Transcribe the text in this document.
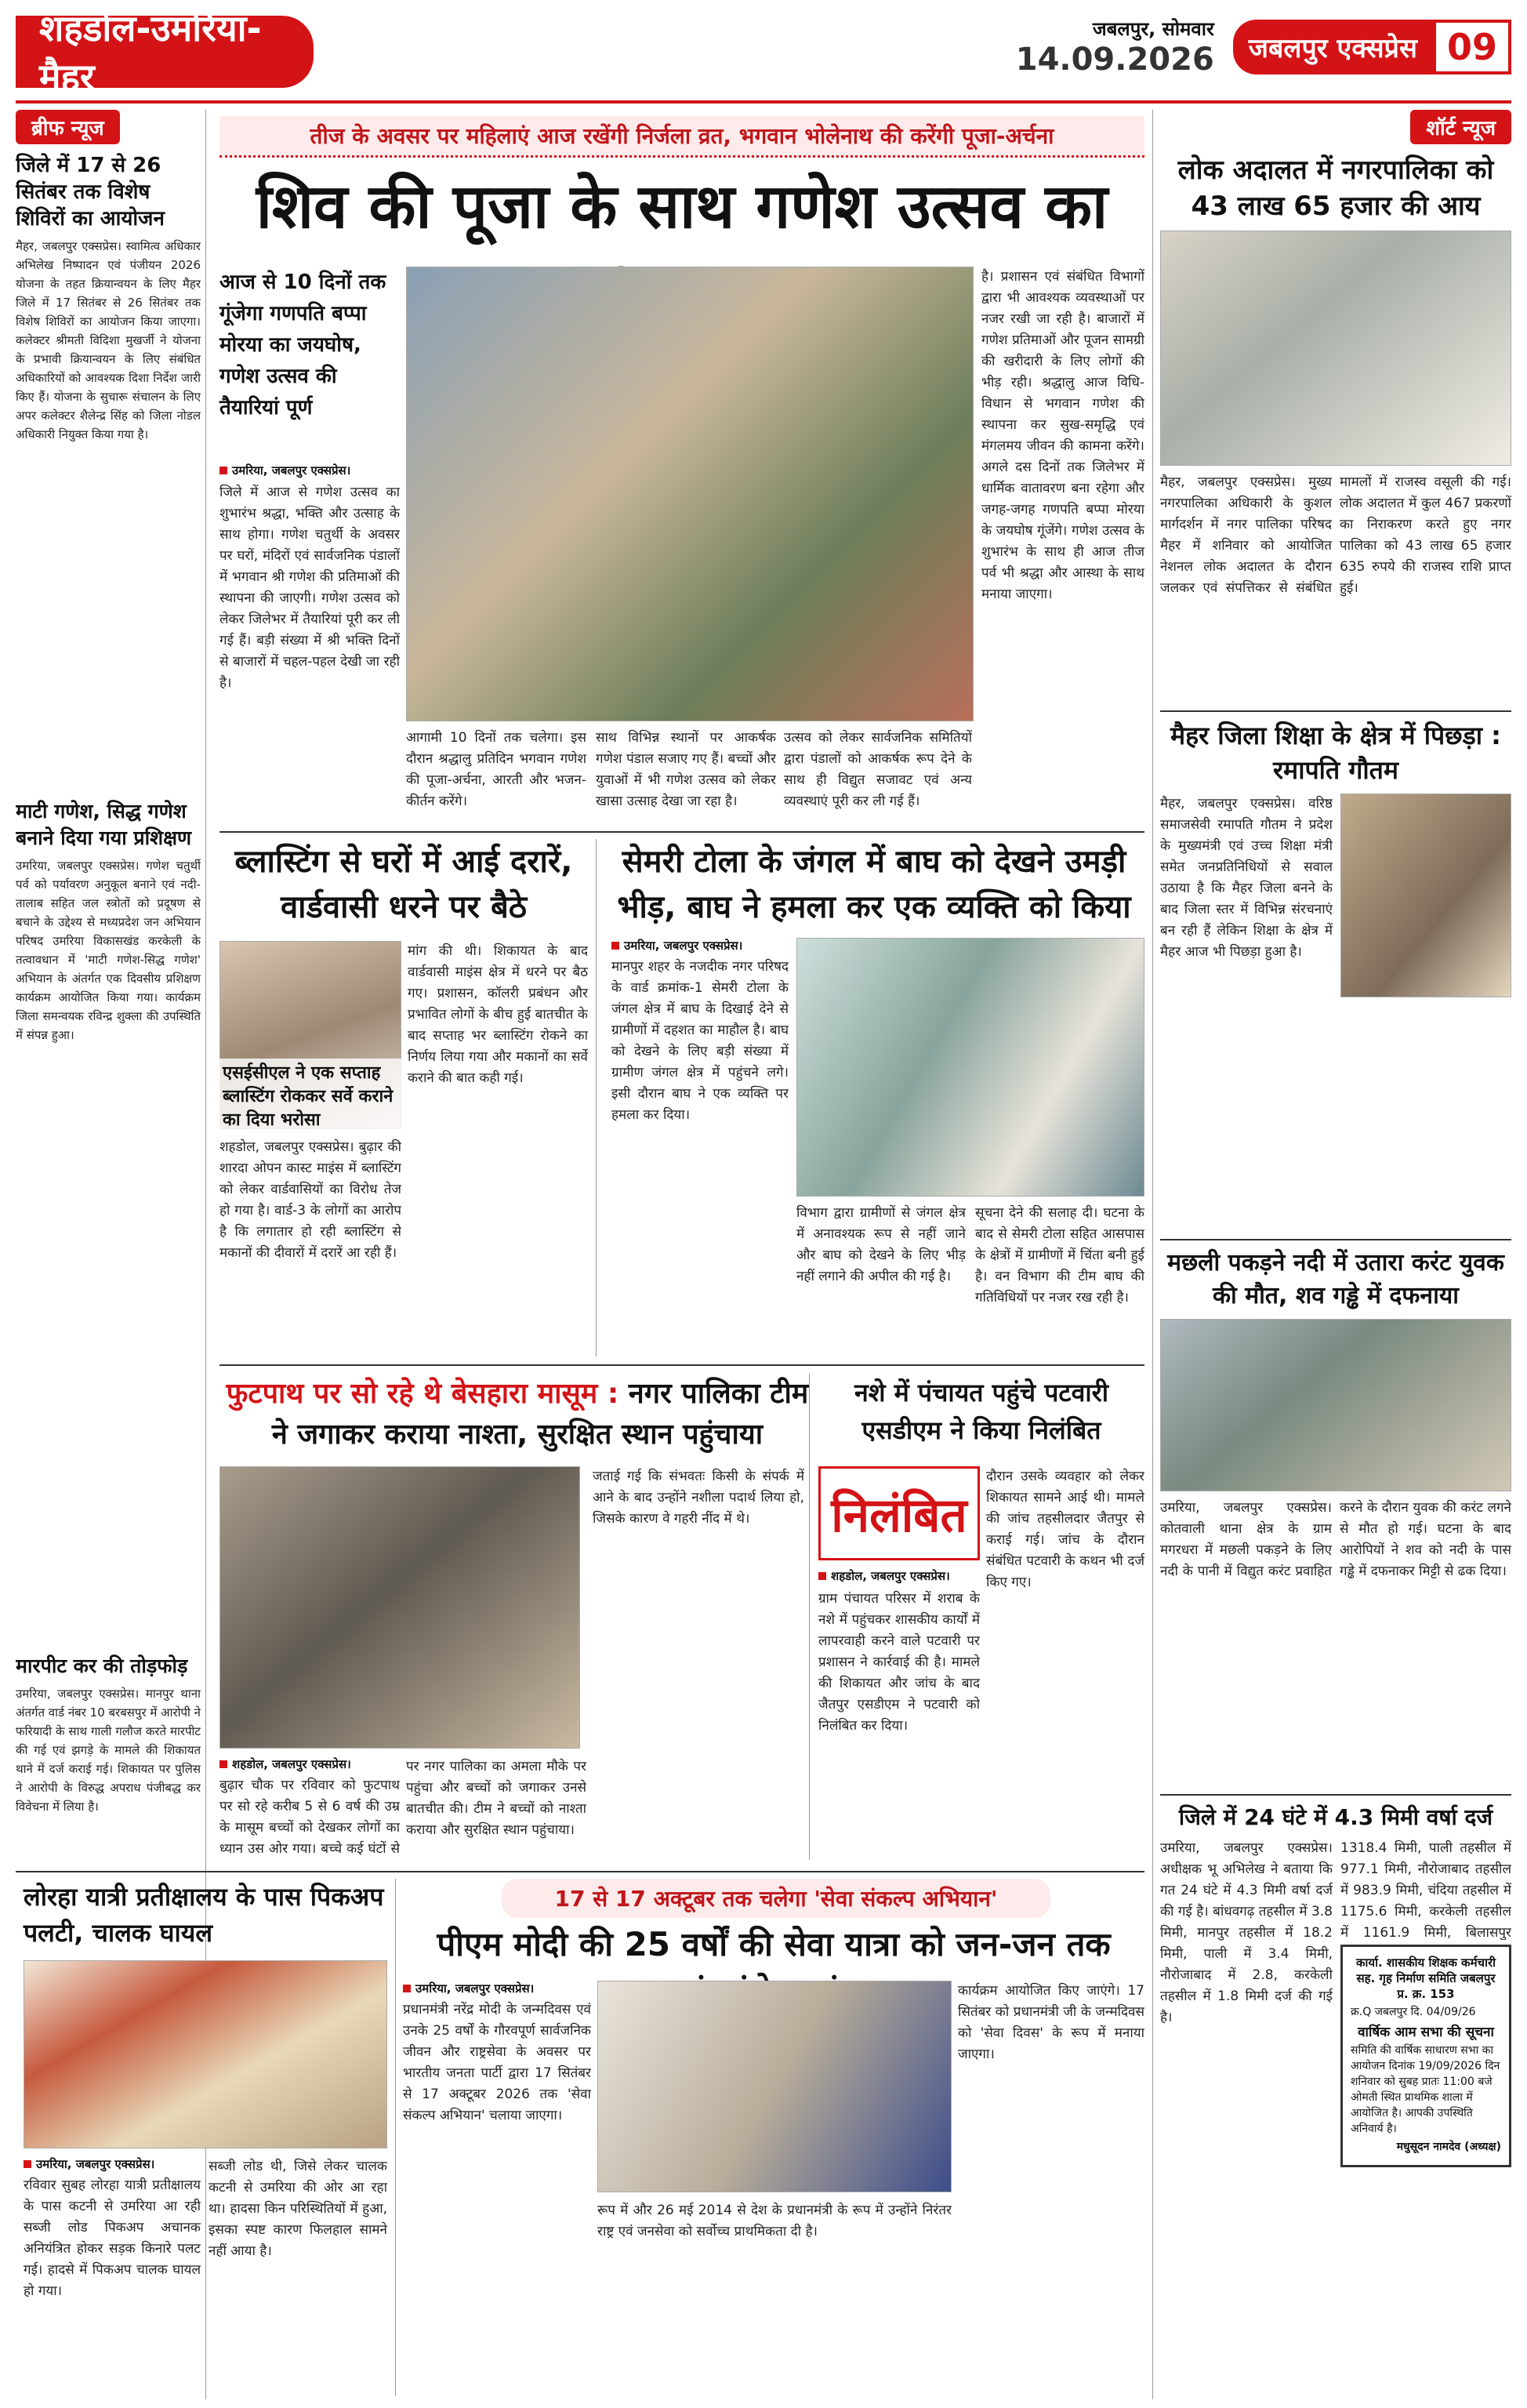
शहडोल-उमरिया-मैहर
जबलपुर, सोमवार
14.09.2026	जबलपुर एक्सप्रेस 09
ब्रीफ न्यूज
जिले में 17 से 26 सितंबर तक विशेष शिविरों का आयोजन
मैहर, जबलपुर एक्सप्रेस। स्वामित्व अधिकार अभिलेख निष्पादन एवं पंजीयन 2026 योजना के तहत क्रियान्वयन के लिए मैहर जिले में 17 सितंबर से 26 सितंबर तक विशेष शिविरों का आयोजन किया जाएगा। कलेक्टर श्रीमती विदिशा मुखर्जी ने योजना के प्रभावी क्रियान्वयन के लिए संबंधित अधिकारियों को आवश्यक दिशा निर्देश जारी किए हैं। योजना के सुचारू संचालन के लिए अपर कलेक्टर शैलेन्द्र सिंह को जिला नोडल अधिकारी नियुक्त किया गया है।
माटी गणेश, सिद्ध गणेश बनाने दिया गया प्रशिक्षण
उमरिया, जबलपुर एक्सप्रेस। गणेश चतुर्थी पर्व को पर्यावरण अनुकूल बनाने एवं नदी-तालाब सहित जल स्त्रोतों को प्रदूषण से बचाने के उद्देश्य से मध्यप्रदेश जन अभियान परिषद उमरिया विकासखंड करकेली के तत्वावधान में 'माटी गणेश-सिद्ध गणेश' अभियान के अंतर्गत एक दिवसीय प्रशिक्षण कार्यक्रम आयोजित किया गया। कार्यक्रम जिला समन्वयक रविन्द्र शुक्ला की उपस्थिति में संपन्न हुआ।
मारपीट कर की तोड़फोड़
उमरिया, जबलपुर एक्सप्रेस। मानपुर थाना अंतर्गत वार्ड नंबर 10 बरबसपुर में आरोपी ने फरियादी के साथ गाली गलौज करते मारपीट की गई एवं झगड़े के मामले की शिकायत थाने में दर्ज कराई गई। शिकायत पर पुलिस ने आरोपी के विरुद्ध अपराध पंजीबद्ध कर विवेचना में लिया है।
तीज के अवसर पर महिलाएं आज रखेंगी निर्जला व्रत, भगवान भोलेनाथ की करेंगी पूजा-अर्चना
शिव की पूजा के साथ गणेश उत्सव का
आज से 10 दिनों तक गूंजेगा गणपति बप्पा मोरया का जयघोष, गणेश उत्सव की तैयारियां पूर्ण
उमरिया, जबलपुर एक्सप्रेस।
जिले में आज से गणेश उत्सव का शुभारंभ श्रद्धा, भक्ति और उत्साह के साथ होगा। गणेश चतुर्थी के अवसर पर घरों, मंदिरों एवं सार्वजनिक पंडालों में भगवान श्री गणेश की प्रतिमाओं की स्थापना की जाएगी। गणेश उत्सव को लेकर जिलेभर में तैयारियां पूरी कर ली गई हैं। बड़ी संख्या में श्री भक्ति दिनों से बाजारों में चहल-पहल देखी जा रही है।
आगामी 10 दिनों तक चलेगा। इस दौरान श्रद्धालु प्रतिदिन भगवान गणेश की पूजा-अर्चना, आरती और भजन-कीर्तन करेंगे।
साथ विभिन्न स्थानों पर आकर्षक गणेश पंडाल सजाए गए हैं। बच्चों और युवाओं में भी गणेश उत्सव को लेकर खासा उत्साह देखा जा रहा है।
उत्सव को लेकर सार्वजनिक समितियों द्वारा पंडालों को आकर्षक रूप देने के साथ ही विद्युत सजावट एवं अन्य व्यवस्थाएं पूरी कर ली गई हैं।
है। प्रशासन एवं संबंधित विभागों द्वारा भी आवश्यक व्यवस्थाओं पर नजर रखी जा रही है। बाजारों में गणेश प्रतिमाओं और पूजन सामग्री की खरीदारी के लिए लोगों की भीड़ रही। श्रद्धालु आज विधि-विधान से भगवान गणेश की स्थापना कर सुख-समृद्धि एवं मंगलमय जीवन की कामना करेंगे। अगले दस दिनों तक जिलेभर में धार्मिक वातावरण बना रहेगा और जगह-जगह गणपति बप्पा मोरया के जयघोष गूंजेंगे। गणेश उत्सव के शुभारंभ के साथ ही आज तीज पर्व भी श्रद्धा और आस्था के साथ मनाया जाएगा।
ब्लास्टिंग से घरों में आई दरारें, वार्डवासी धरने पर बैठे
एसईसीएल ने एक सप्ताह ब्लास्टिंग रोककर सर्वे कराने का दिया भरोसा
शहडोल, जबलपुर एक्सप्रेस। बुढ़ार की शारदा ओपन कास्ट माइंस में ब्लास्टिंग को लेकर वार्डवासियों का विरोध तेज हो गया है। वार्ड-3 के लोगों का आरोप है कि लगातार हो रही ब्लास्टिंग से मकानों की दीवारों में दरारें आ रही हैं।
मांग की थी। शिकायत के बाद वार्डवासी माइंस क्षेत्र में धरने पर बैठ गए। प्रशासन, कॉलरी प्रबंधन और प्रभावित लोगों के बीच हुई बातचीत के बाद सप्ताह भर ब्लास्टिंग रोकने का निर्णय लिया गया और मकानों का सर्वे कराने की बात कही गई।
सेमरी टोला के जंगल में बाघ को देखने उमड़ी भीड़, बाघ ने हमला कर एक व्यक्ति को किया
उमरिया, जबलपुर एक्सप्रेस।
मानपुर शहर के नजदीक नगर परिषद के वार्ड क्रमांक-1 सेमरी टोला के जंगल क्षेत्र में बाघ के दिखाई देने से ग्रामीणों में दहशत का माहौल है। बाघ को देखने के लिए बड़ी संख्या में ग्रामीण जंगल क्षेत्र में पहुंचने लगे। इसी दौरान बाघ ने एक व्यक्ति पर हमला कर दिया।
विभाग द्वारा ग्रामीणों से जंगल क्षेत्र में अनावश्यक रूप से नहीं जाने और बाघ को देखने के लिए भीड़ नहीं लगाने की अपील की गई है।
सूचना देने की सलाह दी। घटना के बाद से सेमरी टोला सहित आसपास के क्षेत्रों में ग्रामीणों में चिंता बनी हुई है। वन विभाग की टीम बाघ की गतिविधियों पर नजर रख रही है।
फुटपाथ पर सो रहे थे बेसहारा मासूम : नगर पालिका टीम ने जगाकर कराया नाश्ता, सुरक्षित स्थान पहुंचाया
शहडोल, जबलपुर एक्सप्रेस।
बुढ़ार चौक पर रविवार को फुटपाथ पर सो रहे करीब 5 से 6 वर्ष की उम्र के मासूम बच्चों को देखकर लोगों का ध्यान उस ओर गया। बच्चे कई घंटों से
पर नगर पालिका का अमला मौके पर पहुंचा और बच्चों को जगाकर उनसे बातचीत की। टीम ने बच्चों को नाश्ता कराया और सुरक्षित स्थान पहुंचाया।
जताई गई कि संभवतः किसी के संपर्क में आने के बाद उन्होंने नशीला पदार्थ लिया हो, जिसके कारण वे गहरी नींद में थे।
नशे में पंचायत पहुंचे पटवारी एसडीएम ने किया निलंबित
निलंबित
शहडोल, जबलपुर एक्सप्रेस।
ग्राम पंचायत परिसर में शराब के नशे में पहुंचकर शासकीय कार्यों में लापरवाही करने वाले पटवारी पर प्रशासन ने कार्रवाई की है। मामले की शिकायत और जांच के बाद जैतपुर एसडीएम ने पटवारी को निलंबित कर दिया।
दौरान उसके व्यवहार को लेकर शिकायत सामने आई थी। मामले की जांच तहसीलदार जैतपुर से कराई गई। जांच के दौरान संबंधित पटवारी के कथन भी दर्ज किए गए।
लोरहा यात्री प्रतीक्षालय के पास पिकअप पलटी, चालक घायल
उमरिया, जबलपुर एक्सप्रेस।
रविवार सुबह लोरहा यात्री प्रतीक्षालय के पास कटनी से उमरिया आ रही सब्जी लोड पिकअप अचानक अनियंत्रित होकर सड़क किनारे पलट गई। हादसे में पिकअप चालक घायल हो गया।
सब्जी लोड थी, जिसे लेकर चालक कटनी से उमरिया की ओर आ रहा था। हादसा किन परिस्थितियों में हुआ, इसका स्पष्ट कारण फिलहाल सामने नहीं आया है।
17 से 17 अक्टूबर तक चलेगा 'सेवा संकल्प अभियान'
पीएम मोदी की 25 वर्षों की सेवा यात्रा को जन-जन तक
उमरिया, जबलपुर एक्सप्रेस।
प्रधानमंत्री नरेंद्र मोदी के जन्मदिवस एवं उनके 25 वर्षों के गौरवपूर्ण सार्वजनिक जीवन और राष्ट्रसेवा के अवसर पर भारतीय जनता पार्टी द्वारा 17 सितंबर से 17 अक्टूबर 2026 तक 'सेवा संकल्प अभियान' चलाया जाएगा।
रूप में और 26 मई 2014 से देश के प्रधानमंत्री के रूप में उन्होंने निरंतर राष्ट्र एवं जनसेवा को सर्वोच्च प्राथमिकता दी है।
कार्यक्रम आयोजित किए जाएंगे। 17 सितंबर को प्रधानमंत्री जी के जन्मदिवस को 'सेवा दिवस' के रूप में मनाया जाएगा।
शॉर्ट न्यूज
लोक अदालत में नगरपालिका को 43 लाख 65 हजार की आय
मैहर, जबलपुर एक्सप्रेस। मुख्य नगरपालिका अधिकारी के कुशल मार्गदर्शन में नगर पालिका परिषद मैहर में शनिवार को आयोजित नेशनल लोक अदालत के दौरान जलकर एवं संपत्तिकर से संबंधित मामलों में राजस्व वसूली की गई। लोक अदालत में कुल 467 प्रकरणों का निराकरण करते हुए नगर पालिका को 43 लाख 65 हजार 635 रुपये की राजस्व राशि प्राप्त हुई।
मैहर जिला शिक्षा के क्षेत्र में पिछड़ा : रमापति गौतम
मैहर, जबलपुर एक्सप्रेस। वरिष्ठ समाजसेवी रमापति गौतम ने प्रदेश के मुख्यमंत्री एवं उच्च शिक्षा मंत्री समेत जनप्रतिनिधियों से सवाल उठाया है कि मैहर जिला बनने के बाद जिला स्तर में विभिन्न संरचनाएं बन रही हैं लेकिन शिक्षा के क्षेत्र में मैहर आज भी पिछड़ा हुआ है।
मछली पकड़ने नदी में उतारा करंट युवक की मौत, शव गड्ढे में दफनाया
उमरिया, जबलपुर एक्सप्रेस। कोतवाली थाना क्षेत्र के ग्राम मगरधरा में मछली पकड़ने के लिए नदी के पानी में विद्युत करंट प्रवाहित करने के दौरान युवक की करंट लगने से मौत हो गई। घटना के बाद आरोपियों ने शव को नदी के पास गड्ढे में दफनाकर मिट्टी से ढक दिया।
जिले में 24 घंटे में 4.3 मिमी वर्षा दर्ज
उमरिया, जबलपुर एक्सप्रेस। अधीक्षक भू अभिलेख ने बताया कि गत 24 घंटे में 4.3 मिमी वर्षा दर्ज की गई है। बांधवगढ़ तहसील में 3.8 मिमी, मानपुर तहसील में 18.2 मिमी, पाली में 3.4 मिमी, नौरोजाबाद में 2.8, करकेली तहसील में 1.8 मिमी दर्ज की गई है।
1318.4 मिमी, पाली तहसील में 977.1 मिमी, नौरोजाबाद तहसील में 983.9 मिमी, चंदिया तहसील में 1175.6 मिमी, करकेली तहसील में 1161.9 मिमी, बिलासपुर
कार्या. शासकीय शिक्षक कर्मचारी सह. गृह निर्माण समिति जबलपुर प्र. क्र. 153
क्र.Q जबलपुर दि. 04/09/26
वार्षिक आम सभा की सूचना
समिति की वार्षिक साधारण सभा का आयोजन दिनांक 19/09/2026 दिन शनिवार को सुबह प्रातः 11:00 बजे ओमती स्थित प्राथमिक शाला में आयोजित है। आपकी उपस्थिति अनिवार्य है।
मधुसूदन नामदेव (अध्यक्ष)
